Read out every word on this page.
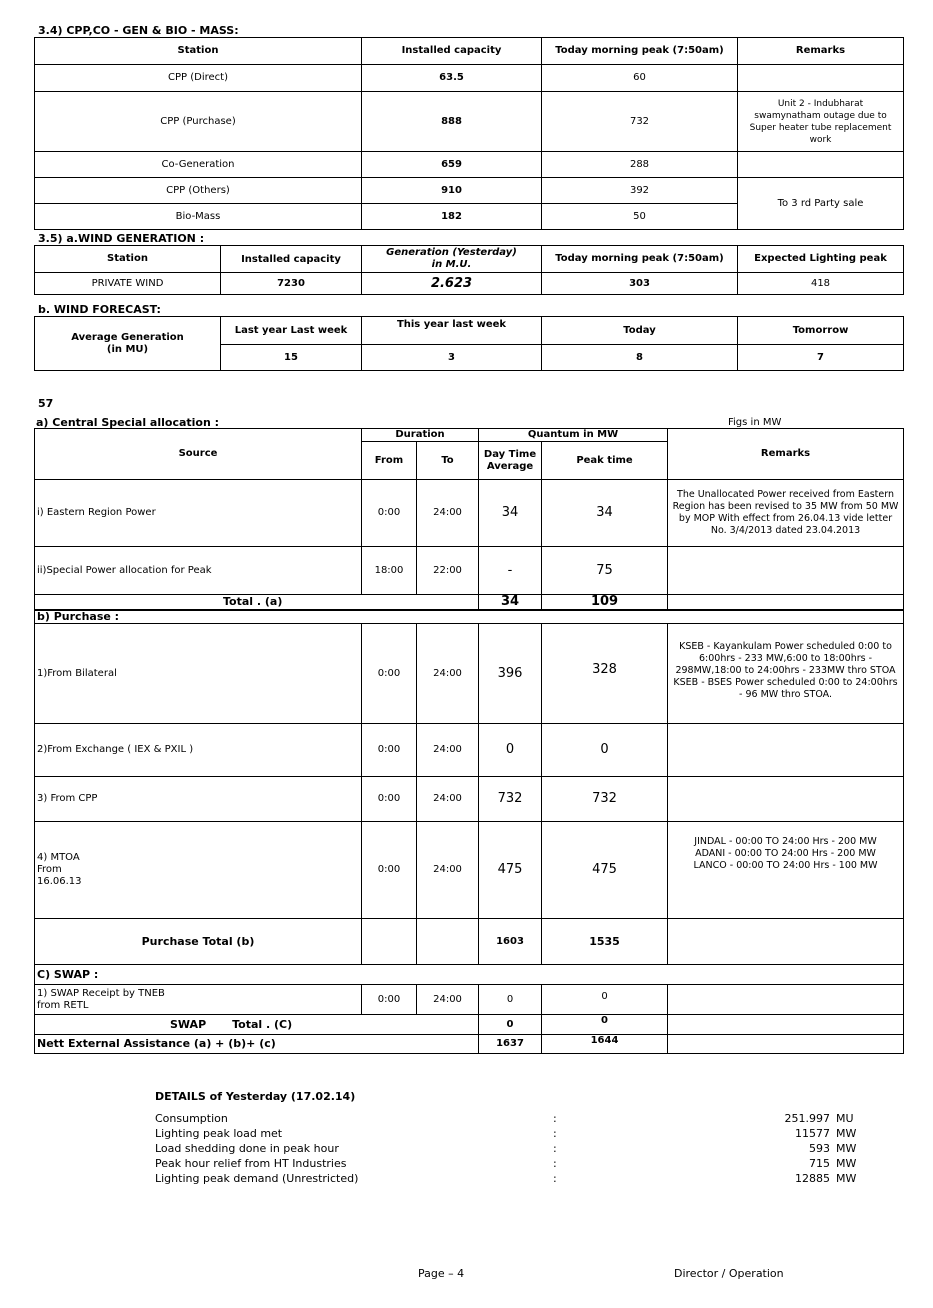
3.4) CPP,CO - GEN & BIO - MASS:
Station	Installed capacity	Today morning peak (7:50am)	Remarks
CPP (Direct)	63.5	60	
CPP (Purchase)	888	732	Unit 2 - Indubharat swamynatham outage due to Super heater tube replacement work
Co-Generation	659	288	
CPP (Others)	910	392	To 3 rd Party sale
Bio-Mass	182	50	
3.5) a.WIND GENERATION :
Station	Installed capacity	Generation (Yesterday) in M.U.	Today morning peak (7:50am)	Expected Lighting peak
PRIVATE WIND	7230	2.623	303	418
b. WIND FORECAST:
Average Generation (in MU)	Last year Last week	This year last week	Today	Tomorrow
	15	3	8	7
57
a) Central Special allocation :	Figs in MW
Source	Duration		Quantum in MW		Remarks
	From	To	Day Time Average	Peak time	
i) Eastern Region Power	0:00	24:00	34	34	The Unallocated Power received from Eastern Region has been revised to 35 MW from 50 MW by MOP With effect from 26.04.13 vide letter No. 3/4/2013 dated 23.04.2013
ii)Special Power allocation for Peak	18:00	22:00	-	75	
Total . (a)			34	109	
b) Purchase :					
1)From Bilateral	0:00	24:00	396	328	KSEB - Kayankulam Power scheduled 0:00 to 6:00hrs - 233 MW,6:00 to 18:00hrs - 298MW,18:00 to 24:00hrs - 233MW thro STOA KSEB - BSES Power scheduled 0:00 to 24:00hrs - 96 MW thro STOA.
2)From Exchange ( IEX & PXIL )	0:00	24:00	0	0	
3) From CPP	0:00	24:00	732	732	
4) MTOA From 16.06.13	0:00	24:00	475	475	JINDAL - 00:00 TO 24:00 Hrs - 200 MW ADANI - 00:00 TO 24:00 Hrs - 200 MW LANCO - 00:00 TO 24:00 Hrs - 100 MW
Purchase Total (b)			1603	1535	
C) SWAP :					
1) SWAP Receipt by TNEB from RETL	0:00	24:00	0	0	
SWAP Total . (C)			0	0	
Nett External Assistance (a) + (b)+ (c)			1637	1644	
DETAILS of Yesterday (17.02.14)
Consumption	:	251.997 MU
Lighting peak load met	:	11577 MW
Load shedding done in peak hour	:	593 MW
Peak hour relief from HT Industries	:	715 MW
Lighting peak demand (Unrestricted)	:	12885 MW
Page – 4	Director / Operation
